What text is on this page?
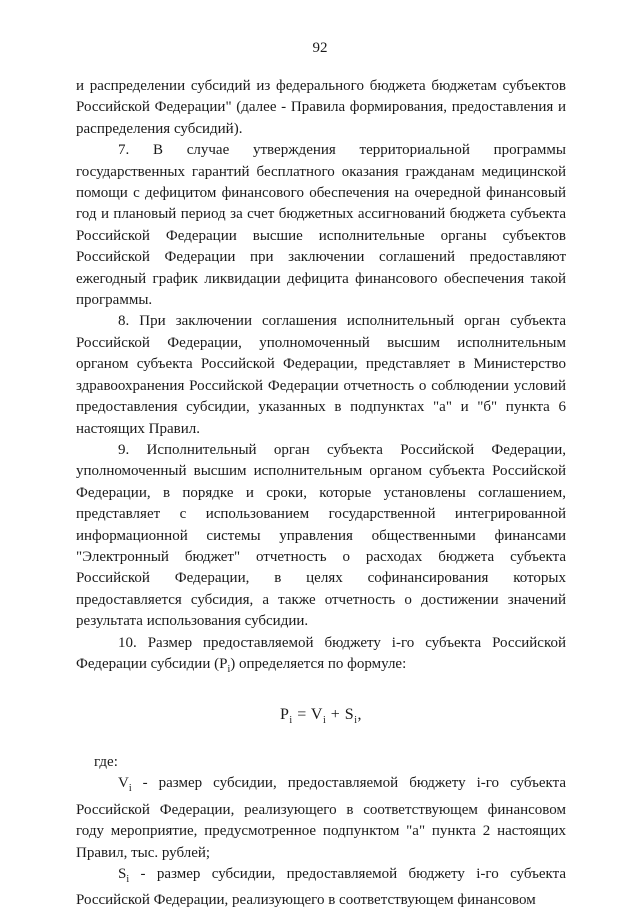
92

и распределении субсидий из федерального бюджета бюджетам субъектов Российской Федерации" (далее - Правила формирования, предоставления и распределения субсидий).

7. В случае утверждения территориальной программы государственных гарантий бесплатного оказания гражданам медицинской помощи с дефицитом финансового обеспечения на очередной финансовый год и плановый период за счет бюджетных ассигнований бюджета субъекта Российской Федерации высшие исполнительные органы субъектов Российской Федерации при заключении соглашений предоставляют ежегодный график ликвидации дефицита финансового обеспечения такой программы.

8. При заключении соглашения исполнительный орган субъекта Российской Федерации, уполномоченный высшим исполнительным органом субъекта Российской Федерации, представляет в Министерство здравоохранения Российской Федерации отчетность о соблюдении условий предоставления субсидии, указанных в подпунктах "а" и "б" пункта 6 настоящих Правил.

9. Исполнительный орган субъекта Российской Федерации, уполномоченный высшим исполнительным органом субъекта Российской Федерации, в порядке и сроки, которые установлены соглашением, представляет с использованием государственной интегрированной информационной системы управления общественными финансами "Электронный бюджет" отчетность о расходах бюджета субъекта Российской Федерации, в целях софинансирования которых предоставляется субсидия, а также отчетность о достижении значений результата использования субсидии.

10. Размер предоставляемой бюджету i-го субъекта Российской Федерации субсидии $(P_i)$ определяется по формуле:

$P_i = V_i + S_i$,

где:

$V_i$ - размер субсидии, предоставляемой бюджету i-го субъекта Российской Федерации, реализующего в соответствующем финансовом году мероприятие, предусмотренное подпунктом "а" пункта 2 настоящих Правил, тыс. рублей;

$S_i$ - размер субсидии, предоставляемой бюджету i-го субъекта Российской Федерации, реализующего в соответствующем финансовом
